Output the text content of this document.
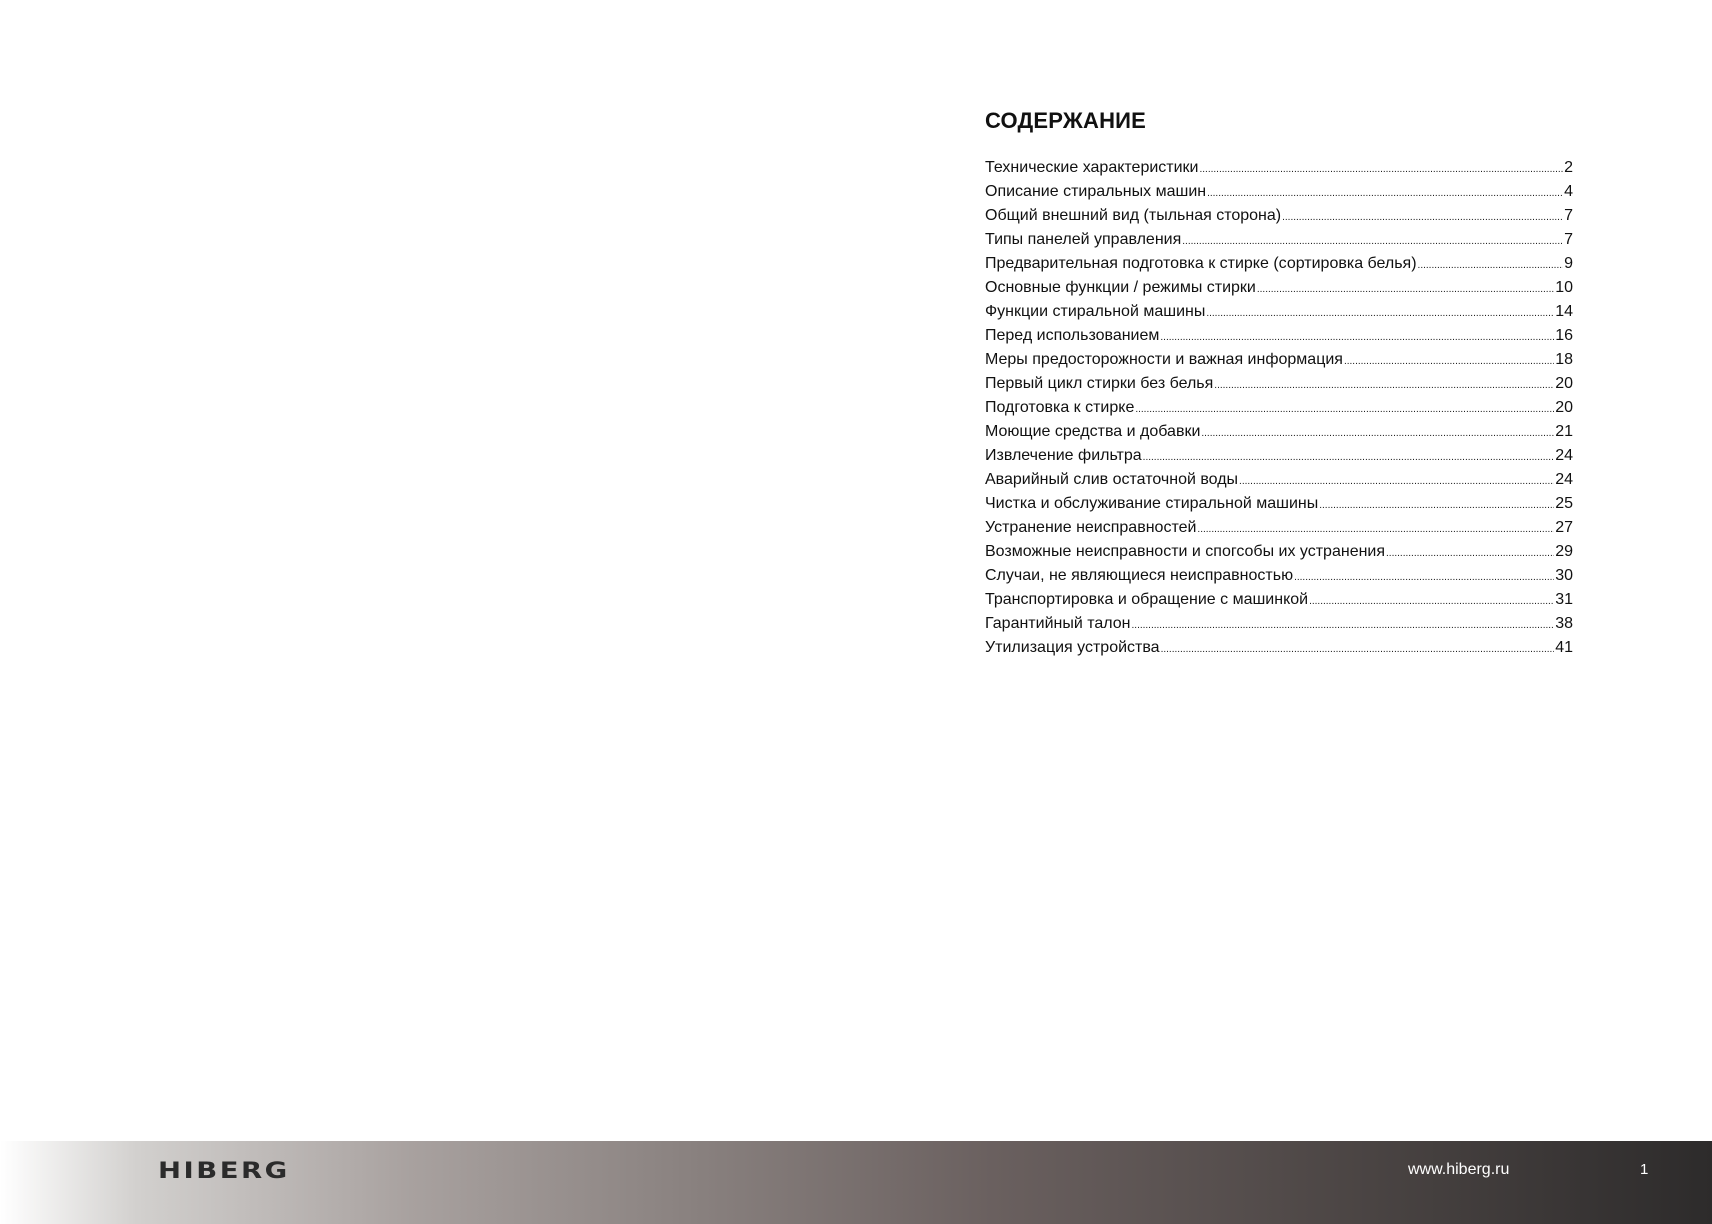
СОДЕРЖАНИЕ
Технические характеристики .....	2
Описание стиральных машин .....	4
Общий внешний вид (тыльная сторона) .....	7
Типы панелей управления .....	7
Предварительная подготовка к стирке (сортировка белья) .....	9
Основные функции / режимы стирки .....	10
Функции стиральной машины .....	14
Перед использованием .....	16
Меры предосторожности и важная информация .....	18
Первый цикл стирки без белья .....	20
Подготовка к стирке .....	20
Моющие средства и добавки .....	21
Извлечение фильтра .....	24
Аварийный слив остаточной воды .....	24
Чистка и обслуживание стиральной машины .....	25
Устранение неисправностей .....	27
Возможные неисправности и спогсобы их устранения .....	29
Случаи, не являющиеся неисправностью .....	30
Транспортировка и обращение с машинкой .....	31
Гарантийный талон .....	38
Утилизация устройства .....	41
HIBERG	www.hiberg.ru	1
